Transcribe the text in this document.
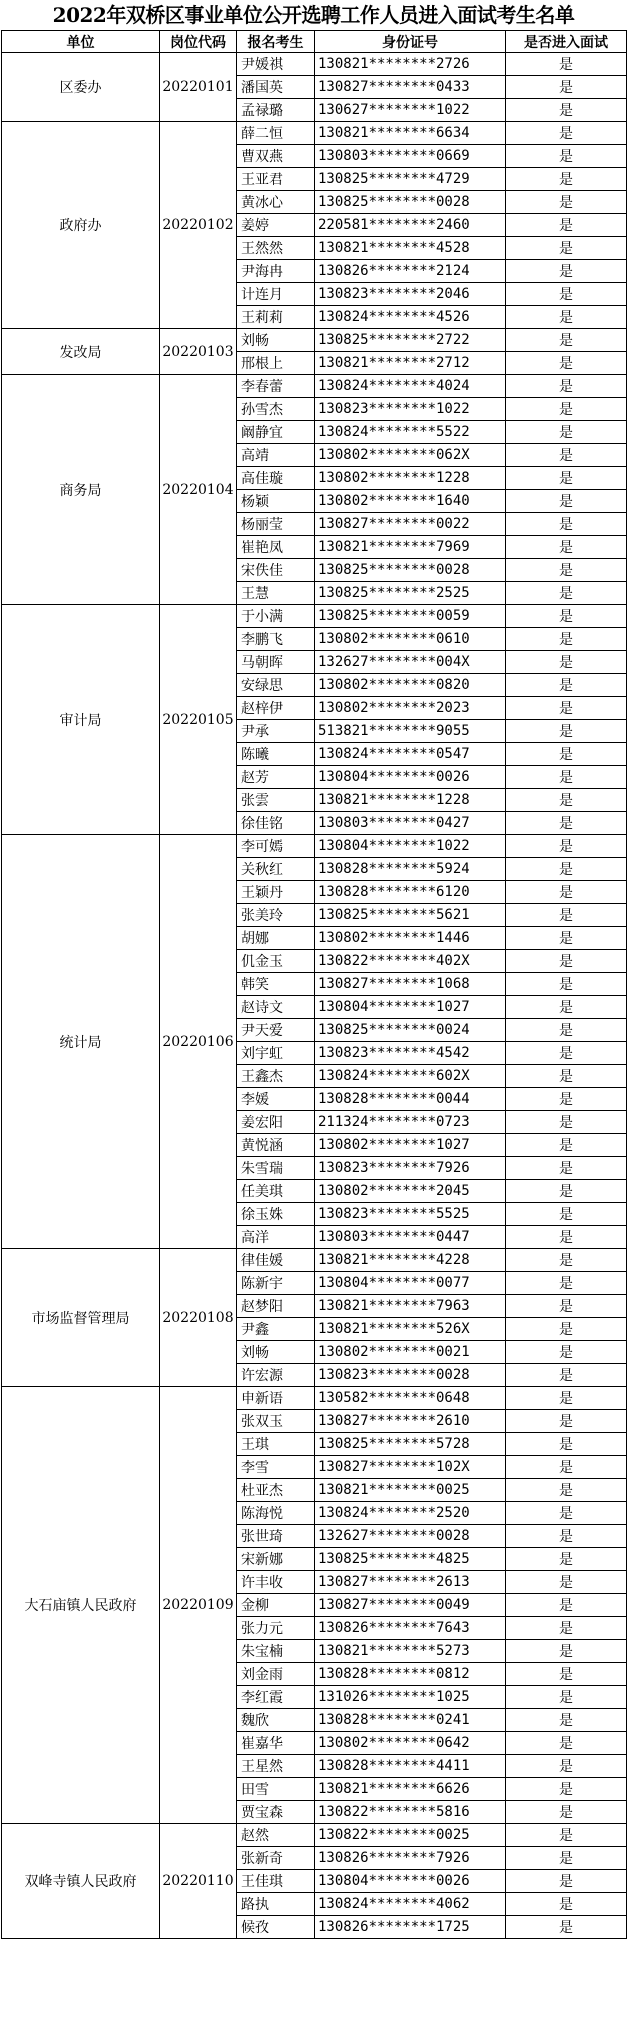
2022年双桥区事业单位公开选聘工作人员进入面试考生名单
单位	岗位代码	报名考生	身份证号	是否进入面试
区委办	20220101	尹媛祺	130821********2726	是
		潘国英	130827********0433	是
		孟禄璐	130627********1022	是
政府办	20220102	薛二恒	130821********6634	是
		曹双燕	130803********0669	是
		王亚君	130825********4729	是
		黄冰心	130825********0028	是
		姜婷	220581********2460	是
		王然然	130821********4528	是
		尹海冉	130826********2124	是
		计连月	130823********2046	是
		王莉莉	130824********4526	是
发改局	20220103	刘畅	130825********2722	是
		邢根上	130821********2712	是
商务局	20220104	李春蕾	130824********4024	是
		孙雪杰	130823********1022	是
		阚静宜	130824********5522	是
		高靖	130802********062X	是
		高佳璇	130802********1228	是
		杨颖	130802********1640	是
		杨丽莹	130827********0022	是
		崔艳凤	130821********7969	是
		宋佚佳	130825********0028	是
		王慧	130825********2525	是
审计局	20220105	于小满	130825********0059	是
		李鹏飞	130802********0610	是
		马朝晖	132627********004X	是
		安绿思	130802********0820	是
		赵梓伊	130802********2023	是
		尹承	513821********9055	是
		陈曦	130824********0547	是
		赵芳	130804********0026	是
		张雲	130821********1228	是
		徐佳铭	130803********0427	是
统计局	20220106	李可嫣	130804********1022	是
		关秋红	130828********5924	是
		王颖丹	130828********6120	是
		张美玲	130825********5621	是
		胡娜	130802********1446	是
		仉金玉	130822********402X	是
		韩笑	130827********1068	是
		赵诗文	130804********1027	是
		尹天爱	130825********0024	是
		刘宇虹	130823********4542	是
		王鑫杰	130824********602X	是
		李媛	130828********0044	是
		姜宏阳	211324********0723	是
		黄悦涵	130802********1027	是
		朱雪瑞	130823********7926	是
		任美琪	130802********2045	是
		徐玉姝	130823********5525	是
		高洋	130803********0447	是
市场监督管理局	20220108	律佳媛	130821********4228	是
		陈新宇	130804********0077	是
		赵梦阳	130821********7963	是
		尹鑫	130821********526X	是
		刘畅	130802********0021	是
		许宏源	130823********0028	是
大石庙镇人民政府	20220109	申新语	130582********0648	是
		张双玉	130827********2610	是
		王琪	130825********5728	是
		李雪	130827********102X	是
		杜亚杰	130821********0025	是
		陈海悦	130824********2520	是
		张世琦	132627********0028	是
		宋新娜	130825********4825	是
		许丰收	130827********2613	是
		金柳	130827********0049	是
		张力元	130826********7643	是
		朱宝楠	130821********5273	是
		刘金雨	130828********0812	是
		李红霞	131026********1025	是
		魏欣	130828********0241	是
		崔嘉华	130802********0642	是
		王星然	130828********4411	是
		田雪	130821********6626	是
		贾宝森	130822********5816	是
双峰寺镇人民政府	20220110	赵然	130822********0025	是
		张新奇	130826********7926	是
		王佳琪	130804********0026	是
		路执	130824********4062	是
		候孜	130826********1725	是
